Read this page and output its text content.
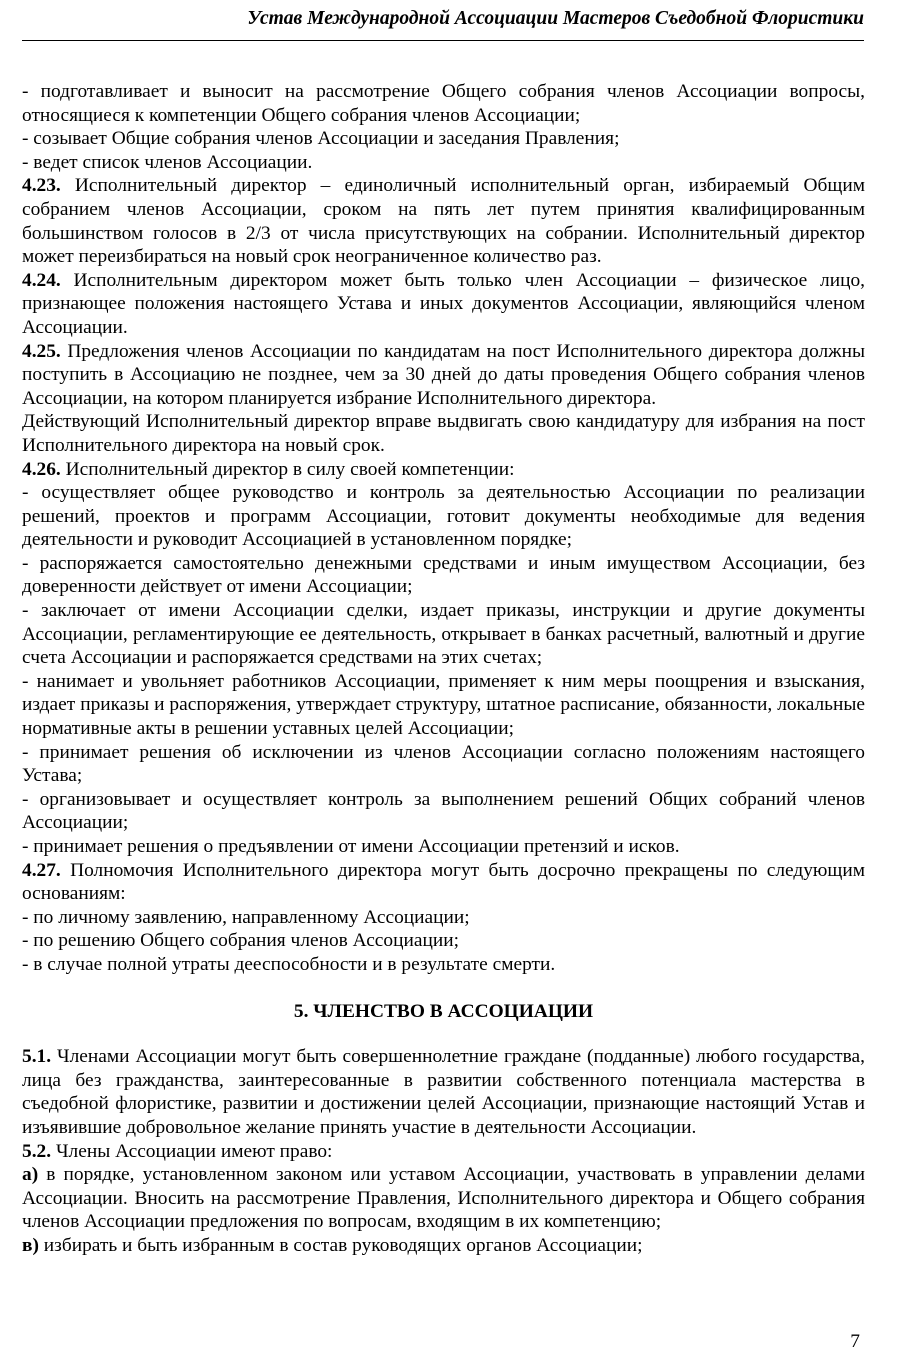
Устав Международной Ассоциации Мастеров Съедобной Флористики

- подготавливает и выносит на рассмотрение Общего собрания членов Ассоциации вопросы, относящиеся к компетенции Общего собрания членов Ассоциации;

- созывает Общие собрания членов Ассоциации и заседания Правления;

- ведет список членов Ассоциации.

4.23. Исполнительный директор – единоличный исполнительный орган, избираемый Общим собранием членов Ассоциации, сроком на пять лет путем принятия квалифицированным большинством голосов в 2/3 от числа присутствующих на собрании. Исполнительный директор может переизбираться на новый срок неограниченное количество раз.

4.24. Исполнительным директором может быть только член Ассоциации – физическое лицо, признающее положения настоящего Устава и иных документов Ассоциации, являющийся членом Ассоциации.

4.25. Предложения членов Ассоциации по кандидатам на пост Исполнительного директора должны поступить в Ассоциацию не позднее, чем за 30 дней до даты проведения Общего собрания членов Ассоциации, на котором планируется избрание Исполнительного директора.

Действующий Исполнительный директор вправе выдвигать свою кандидатуру для избрания на пост Исполнительного директора на новый срок.

4.26. Исполнительный директор в силу своей компетенции:

- осуществляет общее руководство и контроль за деятельностью Ассоциации по реализации решений, проектов и программ Ассоциации, готовит документы необходимые для ведения деятельности и руководит Ассоциацией в установленном порядке;

- распоряжается самостоятельно денежными средствами и иным имуществом Ассоциации, без доверенности действует от имени Ассоциации;

- заключает от имени Ассоциации сделки, издает приказы, инструкции и другие документы Ассоциации, регламентирующие ее деятельность, открывает в банках расчетный, валютный и другие счета Ассоциации и распоряжается средствами на этих счетах;

- нанимает и увольняет работников Ассоциации, применяет к ним меры поощрения и взыскания, издает приказы и распоряжения, утверждает структуру, штатное расписание, обязанности, локальные нормативные акты в решении уставных целей Ассоциации;

- принимает решения об исключении из членов Ассоциации согласно положениям настоящего Устава;

- организовывает и осуществляет контроль за выполнением решений Общих собраний членов Ассоциации;

- принимает решения о предъявлении от имени Ассоциации претензий и исков.

4.27. Полномочия Исполнительного директора могут быть досрочно прекращены по следующим основаниям:

- по личному заявлению, направленному Ассоциации;

- по решению Общего собрания членов Ассоциации;

- в случае полной утраты дееспособности и в результате смерти.

5. ЧЛЕНСТВО В АССОЦИАЦИИ

5.1. Членами Ассоциации могут быть совершеннолетние граждане (подданные) любого государства, лица без гражданства, заинтересованные в развитии собственного потенциала мастерства в съедобной флористике, развитии и достижении целей Ассоциации, признающие настоящий Устав и изъявившие добровольное желание принять участие в деятельности Ассоциации.

5.2. Члены Ассоциации имеют право:

а) в порядке, установленном законом или уставом Ассоциации, участвовать в управлении делами Ассоциации. Вносить на рассмотрение Правления, Исполнительного директора и Общего собрания членов Ассоциации предложения по вопросам, входящим в их компетенцию;

в) избирать и быть избранным в состав руководящих органов Ассоциации;

7
